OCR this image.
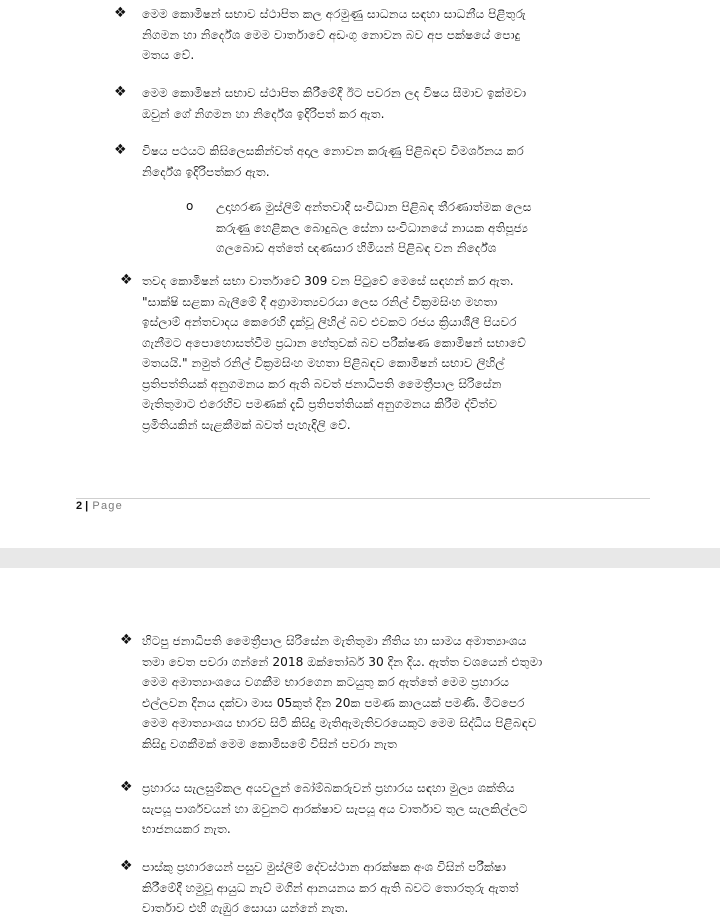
❖ මෙම කොමිෂන් සභාව ස්ථාපිත කල අරමුණු සාධනය සඳහා සාධනීය පිළිතුරු
නිගමන හා නිර්දේශ මෙම වාර්තාවේ අඩංගු නොවන බව අප පක්ෂයේ පොදු
මතය වේ.
❖ මෙම කොමිෂන් සභාව ස්ථාපිත කිරීමේදී ඊට පවරන ලද විෂය සීමාව ඉක්මවා
ඔවුන් ගේ නිගමන හා නිර්දේශ ඉදිරිපත් කර ඇත.
❖ විෂය පථයට කිසිලෙසකින්වත් අදාල නොවන කරුණු පිළිබඳව විමර්ශනය කර
නිර්දේශ ඉදිරිපත්කර ඇත.
o උදාහරණ මුස්ලිම් අන්තවාදී සංවිධාන පිළිබඳ තීරණාත්මක ලෙස
කරුණු හෙළිකල බොදුබල සේනා සංවිධානයේ නායක අතිපූජ්‍ය
ගලබොඩ අත්තේ ඥණසාර හිමියන් පිළිබඳ වන නිර්දේශ
❖ තවද කොමිෂන් සභා වාර්තාවේ 309 වන පිටුවේ මෙසේ සඳහන් කර ඇත.
"සාක්ෂි සළකා බැලීමේ දී අග්‍රාමාත්‍යවරයා ලෙස රනිල් වික්‍රමසිංහ මහතා
ඉස්ලාම් අන්තවාදය කෙරෙහි දැක්වූ ලිහිල් බව එවකට රජය ක්‍රියාශීලී පියවර
ගැනීමට අපොහොසත්වීම ප්‍රධාන හේතුවක් බව පරීක්ෂණ කොමිෂන් සභාවේ
මතයයි." නමුත් රනිල් වික්‍රමසිංහ මහතා පිළිබඳව කොමිෂන් සභාව ලිහිල්
ප්‍රතිපත්තියක් අනුගමනය කර ඇති බවත් ජනාධිපති මෛත්‍රීපාල සිරිසේන
මැතිතුමාට එරෙහිව පමණක් දැඩි ප්‍රතිපත්තියක් අනුගමනය කිරීම ද්විත්ව
ප්‍රමිතියකින් සැළකීමක් බවත් පැහැදිලි වේ.
2 | Page
❖ හිටපු ජනාධිපති මෛත්‍රීපාල සිරිසේන මැතිතුමා නීතිය හා සාමය අමාත්‍යාංශය
තමා වෙත පවරා ගන්නේ 2018 ඔක්තෝබර් 30 දින දිය. ඇත්ත වශයෙන් එතුමා
මෙම අමාත්‍යාංශයෙ වගකීම භාරගෙන කටයුතු කර ඇත්තේ මෙම ප්‍රහාරය
එල්ලවන දිනය දක්වා මාස 05කුත් දින 20ක පමණ කාලයක් පමණි. මීටපෙර
මෙම අමාත්‍යාංශය භාරව සිටි කිසිදු මැතිඇමැතිවරයෙකුට මෙම සිද්ධිය පිළිබඳව
කිසිදු වගකීමක් මෙම කොමිසමේ විසින් පවරා නැත
❖ ප්‍රහාරය සැලසුම්කල අයවලුන් බෝම්බකරුවන් ප්‍රහාරය සඳහා මුල්‍ය ශක්තිය
සැපයූ පාර්ශවයන් හා ඔවුනට ආරක්ෂාව සැපයූ අය වාර්තාව තුල සැලකිල්ලට
භාජනයකර නැත.
❖ පාස්කු ප්‍රහාරයෙන් පසුව මුස්ලිම් දේවස්ථාන ආරක්ෂක අංශ විසින් පරීක්ෂා
කිරීමේදී හමුවූ ආයුධ නැව් මගින් ආනයනය කර ඇති බවට තොරතුරු ඇතත්
වාර්තාව එහි ගැඹුර සොයා යන්නේ නැත.
